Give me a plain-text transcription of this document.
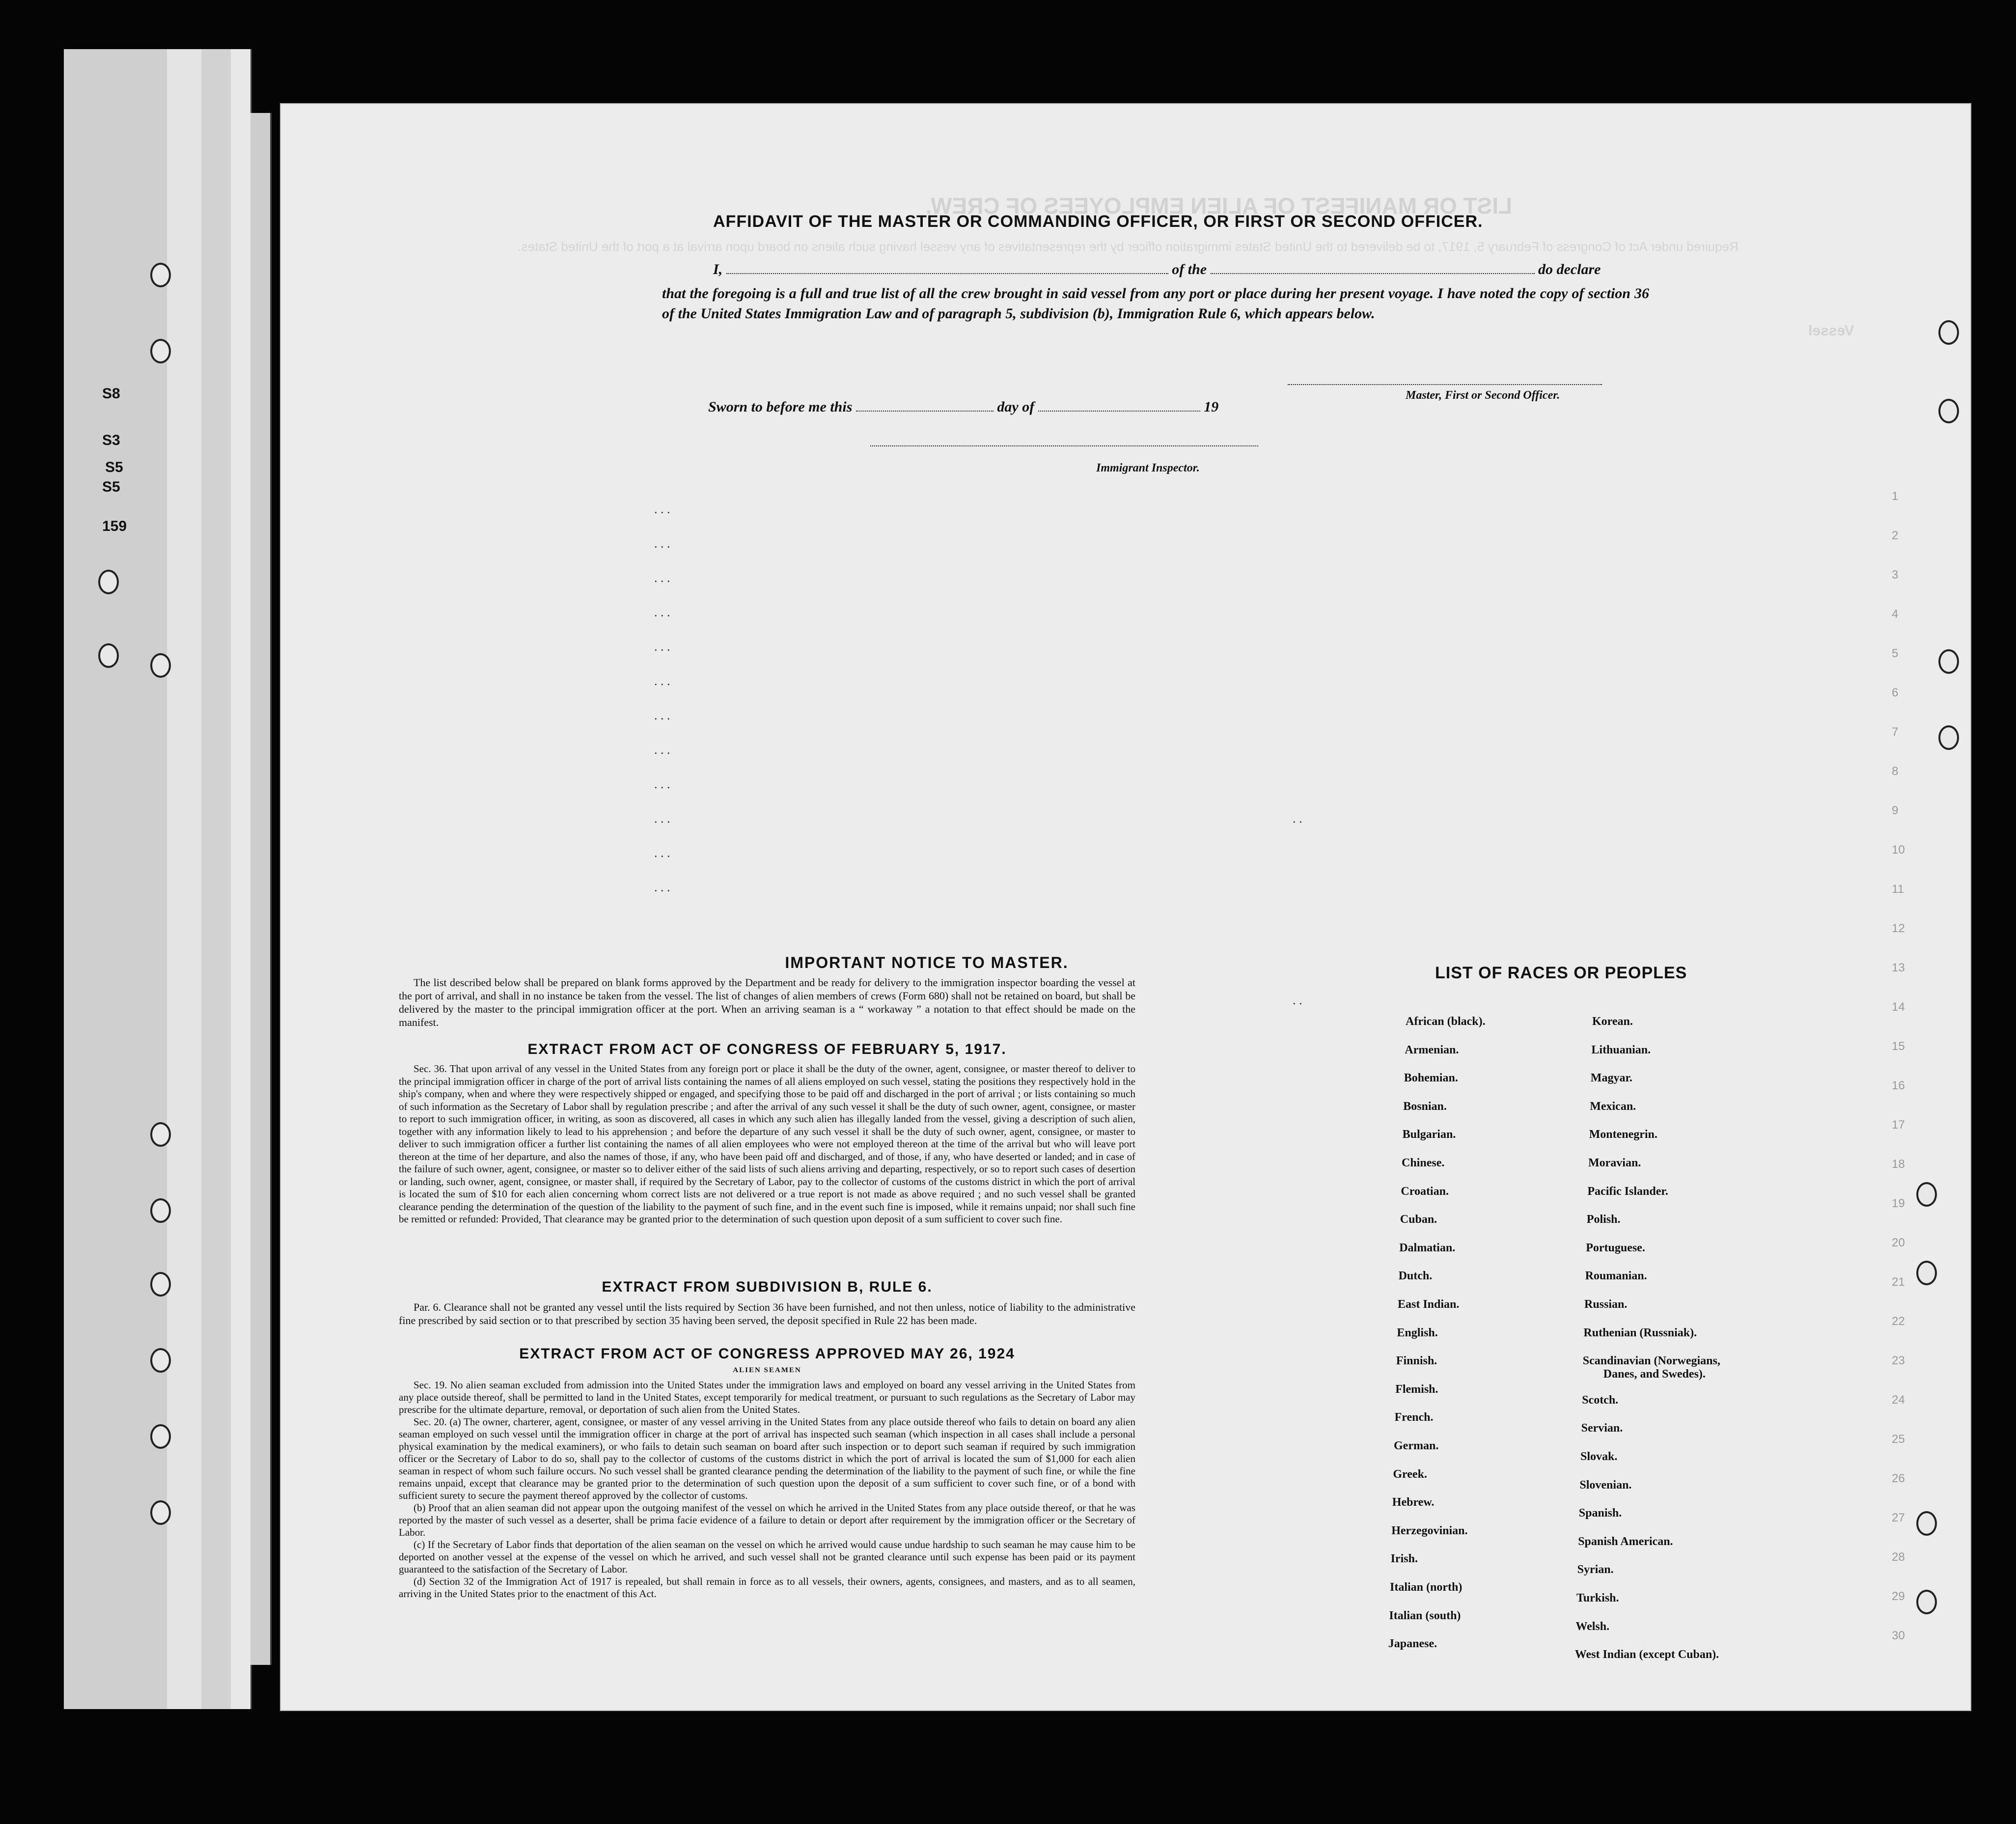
S8
S3
S5
S5
159
LIST OR MANIFEST OF ALIEN EMPLOYEES OF CREW.
Required under Act of Congress of February 5, 1917, to be delivered to the United States immigration officer by the representatives of any vessel having such aliens on board upon arrival at a port of the United States.
Vessel
AFFIDAVIT OF THE MASTER OR COMMANDING OFFICER, OR FIRST OR SECOND OFFICER.
I,	of the	do declare
that the foregoing is a full and true list of all the crew brought in said vessel from any port or place during her present voyage. I have noted the copy of section 36 of the United States Immigration Law and of paragraph 5, subdivision (b), Immigration Rule 6, which appears below.
Master, First or Second Officer.
Sworn to before me this	day of	19
Immigrant Inspector.
. . .
. . .
. . .
. . .
. . .
. . .
. . .
. . .
. . .
. . .
. . .
. . .
. .
. .
IMPORTANT NOTICE TO MASTER.
The list described below shall be prepared on blank forms approved by the Department and be ready for delivery to the immigration inspector boarding the vessel at the port of arrival, and shall in no instance be taken from the vessel. The list of changes of alien members of crews (Form 680) shall not be retained on board, but shall be delivered by the master to the principal immigration officer at the port. When an arriving seaman is a “ workaway ” a notation to that effect should be made on the manifest.
EXTRACT FROM ACT OF CONGRESS OF FEBRUARY 5, 1917.
Sec. 36. That upon arrival of any vessel in the United States from any foreign port or place it shall be the duty of the owner, agent, consignee, or master thereof to deliver to the principal immigration officer in charge of the port of arrival lists containing the names of all aliens employed on such vessel, stating the positions they respectively hold in the ship's company, when and where they were respectively shipped or engaged, and specifying those to be paid off and discharged in the port of arrival ; or lists containing so much of such information as the Secretary of Labor shall by regulation prescribe ; and after the arrival of any such vessel it shall be the duty of such owner, agent, consignee, or master to report to such immigration officer, in writing, as soon as discovered, all cases in which any such alien has illegally landed from the vessel, giving a description of such alien, together with any information likely to lead to his apprehension ; and before the departure of any such vessel it shall be the duty of such owner, agent, consignee, or master to deliver to such immigration officer a further list containing the names of all alien employees who were not employed thereon at the time of the arrival but who will leave port thereon at the time of her departure, and also the names of those, if any, who have been paid off and discharged, and of those, if any, who have deserted or landed; and in case of the failure of such owner, agent, consignee, or master so to deliver either of the said lists of such aliens arriving and departing, respectively, or so to report such cases of desertion or landing, such owner, agent, consignee, or master shall, if required by the Secretary of Labor, pay to the collector of customs of the customs district in which the port of arrival is located the sum of $10 for each alien concerning whom correct lists are not delivered or a true report is not made as above required ; and no such vessel shall be granted clearance pending the determination of the question of the liability to the payment of such fine, and in the event such fine is imposed, while it remains unpaid; nor shall such fine be remitted or refunded: Provided, That clearance may be granted prior to the determination of such question upon deposit of a sum sufficient to cover such fine.
EXTRACT FROM SUBDIVISION B, RULE 6.
Par. 6. Clearance shall not be granted any vessel until the lists required by Section 36 have been furnished, and not then unless, notice of liability to the administrative fine prescribed by said section or to that prescribed by section 35 having been served, the deposit specified in Rule 22 has been made.
EXTRACT FROM ACT OF CONGRESS APPROVED MAY 26, 1924
ALIEN SEAMEN

Sec. 19. No alien seaman excluded from admission into the United States under the immigration laws and employed on board any vessel arriving in the United States from any place outside thereof, shall be permitted to land in the United States, except temporarily for medical treatment, or pursuant to such regulations as the Secretary of Labor may prescribe for the ultimate departure, removal, or deportation of such alien from the United States.

Sec. 20. (a) The owner, charterer, agent, consignee, or master of any vessel arriving in the United States from any place outside thereof who fails to detain on board any alien seaman employed on such vessel until the immigration officer in charge at the port of arrival has inspected such seaman (which inspection in all cases shall include a personal physical examination by the medical examiners), or who fails to detain such seaman on board after such inspection or to deport such seaman if required by such immigration officer or the Secretary of Labor to do so, shall pay to the collector of customs of the customs district in which the port of arrival is located the sum of $1,000 for each alien seaman in respect of whom such failure occurs. No such vessel shall be granted clearance pending the determination of the liability to the payment of such fine, or while the fine remains unpaid, except that clearance may be granted prior to the determination of such question upon the deposit of a sum sufficient to cover such fine, or of a bond with sufficient surety to secure the payment thereof approved by the collector of customs.

(b) Proof that an alien seaman did not appear upon the outgoing manifest of the vessel on which he arrived in the United States from any place outside thereof, or that he was reported by the master of such vessel as a deserter, shall be prima facie evidence of a failure to detain or deport after requirement by the immigration officer or the Secretary of Labor.

(c) If the Secretary of Labor finds that deportation of the alien seaman on the vessel on which he arrived would cause undue hardship to such seaman he may cause him to be deported on another vessel at the expense of the vessel on which he arrived, and such vessel shall not be granted clearance until such expense has been paid or its payment guaranteed to the satisfaction of the Secretary of Labor.

(d) Section 32 of the Immigration Act of 1917 is repealed, but shall remain in force as to all vessels, their owners, agents, consignees, and masters, and as to all seamen, arriving in the United States prior to the enactment of this Act.

LIST OF RACES OR PEOPLES
African (black).
Armenian.
Bohemian.
Bosnian.
Bulgarian.
Chinese.
Croatian.
Cuban.
Dalmatian.
Dutch.
East Indian.
English.
Finnish.
Flemish.
French.
German.
Greek.
Hebrew.
Herzegovinian.
Irish.
Italian (north)
Italian (south)
Japanese.
Korean.
Lithuanian.
Magyar.
Mexican.
Montenegrin.
Moravian.
Pacific Islander.
Polish.
Portuguese.
Roumanian.
Russian.
Ruthenian (Russniak).
Scandinavian (Norwegians,
Danes, and Swedes).
Scotch.
Servian.
Slovak.
Slovenian.
Spanish.
Spanish American.
Syrian.
Turkish.
Welsh.
West Indian (except Cuban).
1
2
3
4
5
6
7
8
9
10
11
12
13
14
15
16
17
18
19
20
21
22
23
24
25
26
27
28
29
30
